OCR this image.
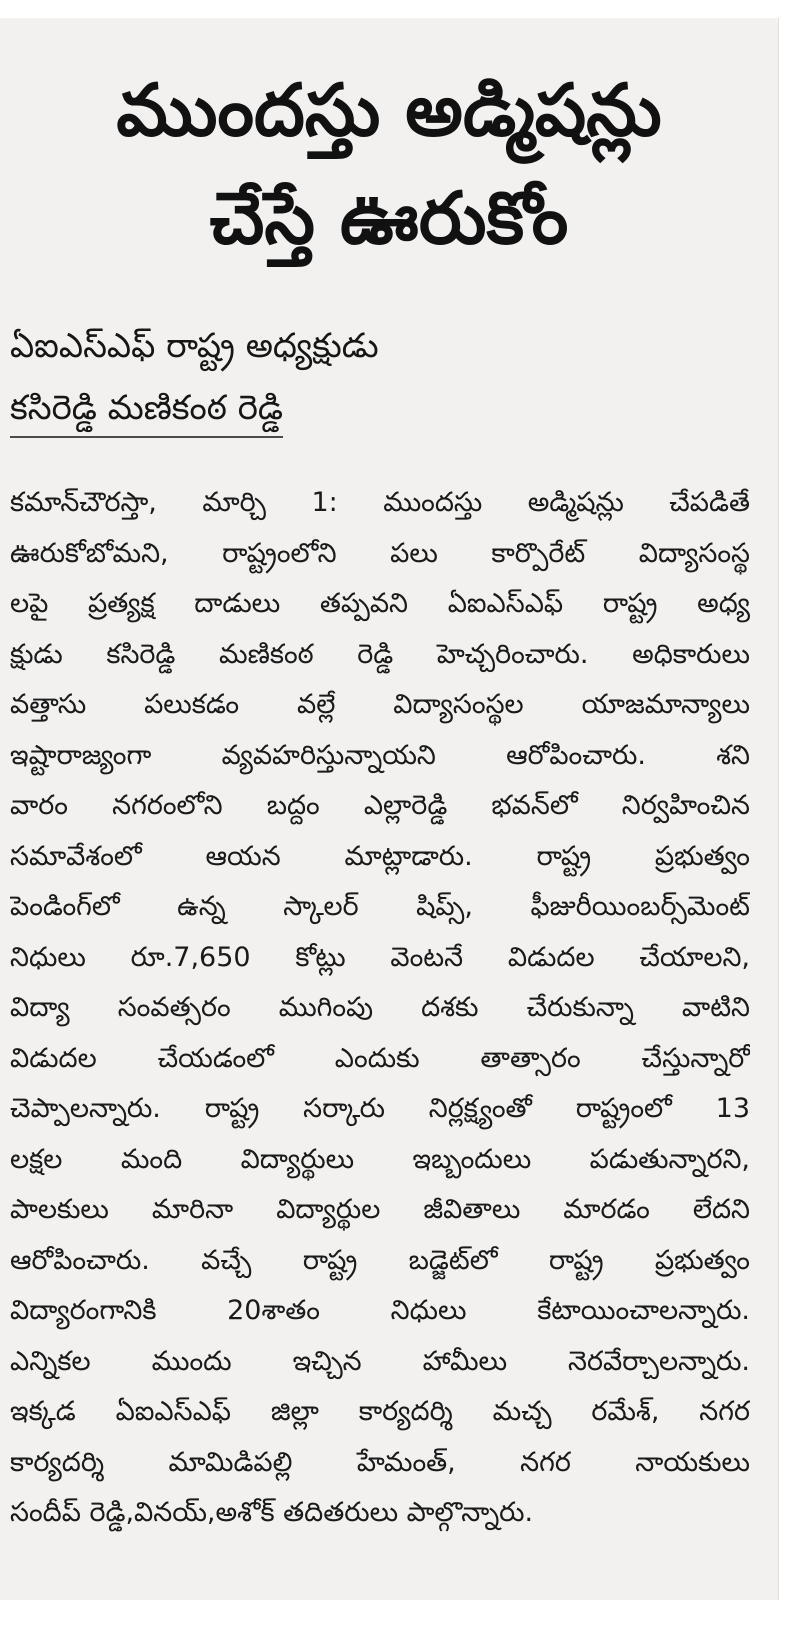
ముందస్తు అడ్మిషన్లు
చేస్తే ఊరుకోం
ఏఐఎస్ఎఫ్ రాష్ట్ర అధ్యక్షుడు
కసిరెడ్డి మణికంఠ రెడ్డి

కమాన్‌చౌరస్తా, మార్చి 1: ముందస్తు అడ్మిషన్లు చేపడితే

ఊరుకోబోమని, రాష్ట్రంలోని పలు కార్పొరేట్ విద్యాసంస్థ

లపై ప్రత్యక్ష దాడులు తప్పవని ఏఐఎస్ఎఫ్ రాష్ట్ర అధ్య

క్షుడు కసిరెడ్డి మణికంఠ రెడ్డి హెచ్చరించారు. అధికారులు

వత్తాసు పలుకడం వల్లే విద్యాసంస్థల యాజమాన్యాలు

ఇష్టారాజ్యంగా వ్యవహరిస్తున్నాయని ఆరోపించారు. శని

వారం నగరంలోని బద్దం ఎల్లారెడ్డి భవన్‌లో నిర్వహించిన

సమావేశంలో ఆయన మాట్లాడారు. రాష్ట్ర ప్రభుత్వం

పెండింగ్‌లో ఉన్న స్కాలర్ షిప్స్, ఫీజురీయింబర్స్‌మెంట్

నిధులు రూ.7,650 కోట్లు వెంటనే విడుదల చేయాలని,

విద్యా సంవత్సరం ముగింపు దశకు చేరుకున్నా వాటిని

విడుదల చేయడంలో ఎందుకు తాత్సారం చేస్తున్నారో

చెప్పాలన్నారు. రాష్ట్ర సర్కారు నిర్లక్ష్యంతో రాష్ట్రంలో 13

లక్షల మంది విద్యార్థులు ఇబ్బందులు పడుతున్నారని,

పాలకులు మారినా విద్యార్థుల జీవితాలు మారడం లేదని

ఆరోపించారు. వచ్చే రాష్ట్ర బడ్జెట్‌లో రాష్ట్ర ప్రభుత్వం

విద్యారంగానికి 20శాతం నిధులు కేటాయించాలన్నారు.

ఎన్నికల ముందు ఇచ్చిన హామీలు నెరవేర్చాలన్నారు.

ఇక్కడ ఏఐఎస్ఎఫ్ జిల్లా కార్యదర్శి మచ్చ రమేశ్, నగర

కార్యదర్శి మామిడిపల్లి హేమంత్, నగర నాయకులు

సందీప్ రెడ్డి,వినయ్,అశోక్ తదితరులు పాల్గొన్నారు.
